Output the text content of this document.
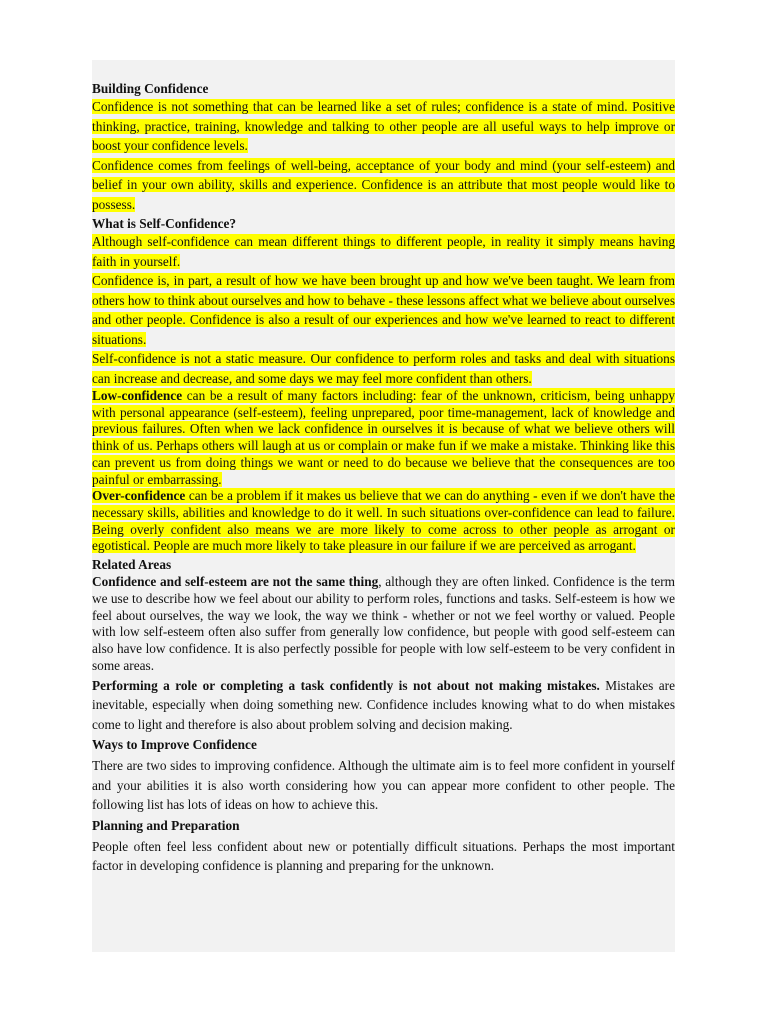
Building Confidence

Confidence is not something that can be learned like a set of rules; confidence is a state of mind. Positive thinking, practice, training, knowledge and talking to other people are all useful ways to help improve or boost your confidence levels.

Confidence comes from feelings of well-being, acceptance of your body and mind (your self-esteem) and belief in your own ability, skills and experience. Confidence is an attribute that most people would like to possess.

What is Self-Confidence?

Although self-confidence can mean different things to different people, in reality it simply means having faith in yourself.

Confidence is, in part, a result of how we have been brought up and how we've been taught. We learn from others how to think about ourselves and how to behave - these lessons affect what we believe about ourselves and other people. Confidence is also a result of our experiences and how we've learned to react to different situations.

Self-confidence is not a static measure. Our confidence to perform roles and tasks and deal with situations can increase and decrease, and some days we may feel more confident than others.

Low-confidence can be a result of many factors including: fear of the unknown, criticism, being unhappy with personal appearance (self-esteem), feeling unprepared, poor time-management, lack of knowledge and previous failures. Often when we lack confidence in ourselves it is because of what we believe others will think of us. Perhaps others will laugh at us or complain or make fun if we make a mistake. Thinking like this can prevent us from doing things we want or need to do because we believe that the consequences are too painful or embarrassing.

Over-confidence can be a problem if it makes us believe that we can do anything - even if we don't have the necessary skills, abilities and knowledge to do it well. In such situations over-confidence can lead to failure. Being overly confident also means we are more likely to come across to other people as arrogant or egotistical. People are much more likely to take pleasure in our failure if we are perceived as arrogant.

Related Areas

Confidence and self-esteem are not the same thing, although they are often linked. Confidence is the term we use to describe how we feel about our ability to perform roles, functions and tasks. Self-esteem is how we feel about ourselves, the way we look, the way we think - whether or not we feel worthy or valued. People with low self-esteem often also suffer from generally low confidence, but people with good self-esteem can also have low confidence. It is also perfectly possible for people with low self-esteem to be very confident in some areas.

Performing a role or completing a task confidently is not about not making mistakes. Mistakes are inevitable, especially when doing something new. Confidence includes knowing what to do when mistakes come to light and therefore is also about problem solving and decision making.

Ways to Improve Confidence

There are two sides to improving confidence. Although the ultimate aim is to feel more confident in yourself and your abilities it is also worth considering how you can appear more confident to other people. The following list has lots of ideas on how to achieve this.

Planning and Preparation

People often feel less confident about new or potentially difficult situations. Perhaps the most important factor in developing confidence is planning and preparing for the unknown.
